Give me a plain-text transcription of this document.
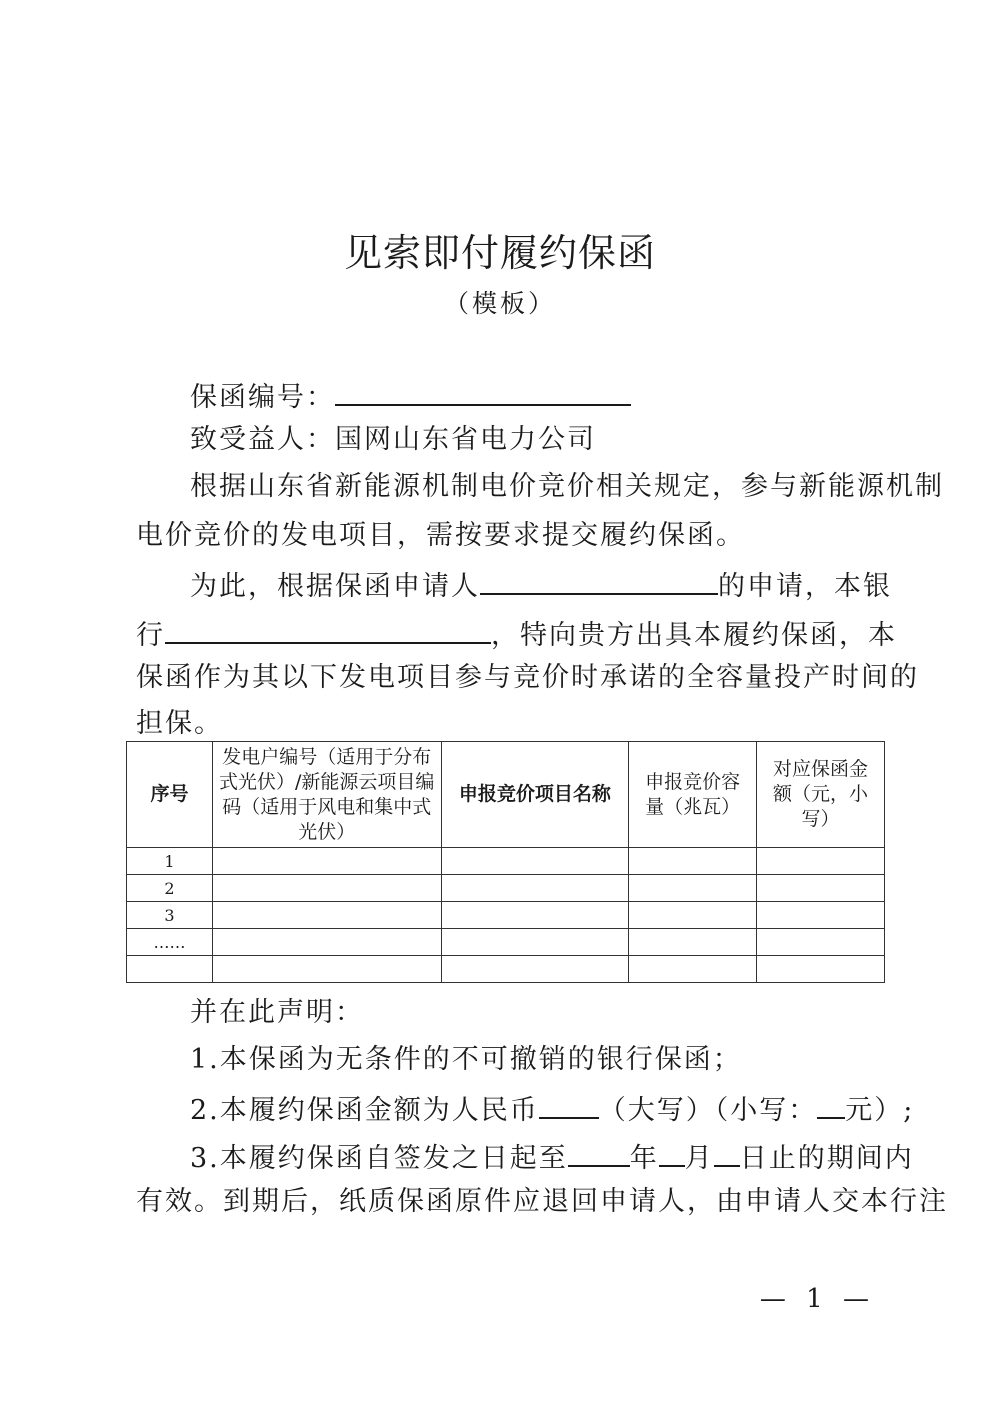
见索即付履约保函
（模板）
保函编号：
致受益人：国网山东省电力公司
根据山东省新能源机制电价竞价相关规定，参与新能源机制
电价竞价的发电项目，需按要求提交履约保函。
为此，根据保函申请人	的申请，本银
行	，特向贵方出具本履约保函，本
保函作为其以下发电项目参与竞价时承诺的全容量投产时间的
担保。
序号	发电户编号（适用于分布式光伏）/新能源云项目编码（适用于风电和集中式光伏）	申报竞价项目名称	申报竞价容量（兆瓦）	对应保函金额（元，小写）
1				
2				
3				
……				

并在此声明：
1.本保函为无条件的不可撤销的银行保函；
2.本履约保函金额为人民币 （大写）（小写： 元）;
3.本履约保函自签发之日起至 年 月 日止的期间内
有效。到期后，纸质保函原件应退回申请人，由申请人交本行注
— 1 —
